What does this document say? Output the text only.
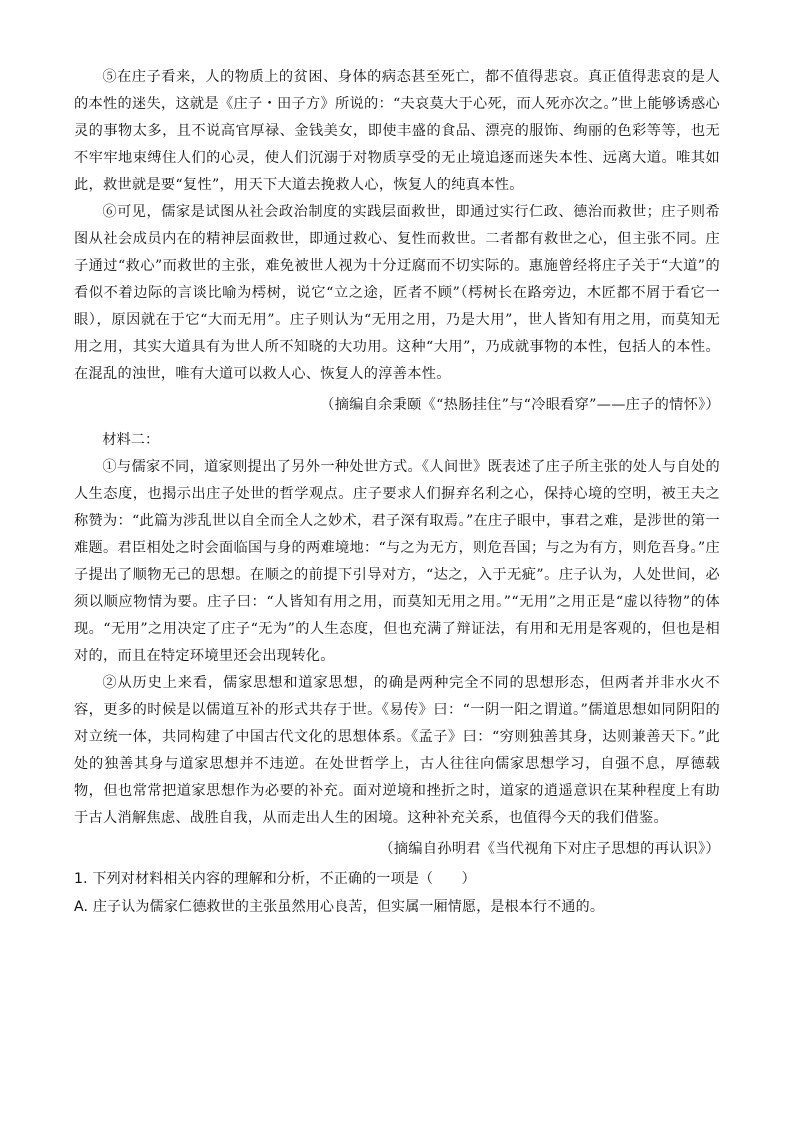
⑤在庄子看来，人的物质上的贫困、身体的病态甚至死亡，都不值得悲哀。真正值得悲哀的是人的本性的迷失，这就是《庄子・田子方》所说的：“夫哀莫大于心死，而人死亦次之。”世上能够诱惑心灵的事物太多，且不说高官厚禄、金钱美女，即使丰盛的食品、漂亮的服饰、绚丽的色彩等等，也无不牢牢地束缚住人们的心灵，使人们沉溺于对物质享受的无止境追逐而迷失本性、远离大道。唯其如此，救世就是要“复性”，用天下大道去挽救人心，恢复人的纯真本性。

⑥可见，儒家是试图从社会政治制度的实践层面救世，即通过实行仁政、德治而救世；庄子则希图从社会成员内在的精神层面救世，即通过救心、复性而救世。二者都有救世之心，但主张不同。庄子通过“救心”而救世的主张，难免被世人视为十分迂腐而不切实际的。惠施曾经将庄子关于“大道”的看似不着边际的言谈比喻为樗树，说它“立之途，匠者不顾”（樗树长在路旁边，木匠都不屑于看它一眼），原因就在于它“大而无用”。庄子则认为“无用之用，乃是大用”，世人皆知有用之用，而莫知无用之用，其实大道具有为世人所不知晓的大功用。这种“大用”，乃成就事物的本性，包括人的本性。在混乱的浊世，唯有大道可以救人心、恢复人的淳善本性。

（摘编自余秉颐《“热肠挂住”与“冷眼看穿”——庄子的情怀》）

材料二：

①与儒家不同，道家则提出了另外一种处世方式。《人间世》既表述了庄子所主张的处人与自处的人生态度，也揭示出庄子处世的哲学观点。庄子要求人们摒弃名利之心，保持心境的空明，被王夫之称赞为：“此篇为涉乱世以自全而全人之妙术，君子深有取焉。”在庄子眼中，事君之难，是涉世的第一难题。君臣相处之时会面临国与身的两难境地：“与之为无方，则危吾国；与之为有方，则危吾身。”庄子提出了顺物无己的思想。在顺之的前提下引导对方，“达之，入于无疵”。庄子认为，人处世间，必须以顺应物情为要。庄子曰：“人皆知有用之用，而莫知无用之用。”“无用”之用正是“虚以待物”的体现。“无用”之用决定了庄子“无为”的人生态度，但也充满了辩证法，有用和无用是客观的，但也是相对的，而且在特定环境里还会出现转化。

②从历史上来看，儒家思想和道家思想，的确是两种完全不同的思想形态，但两者并非水火不容，更多的时候是以儒道互补的形式共存于世。《易传》曰：“一阴一阳之谓道。”儒道思想如同阴阳的对立统一体，共同构建了中国古代文化的思想体系。《孟子》曰：“穷则独善其身，达则兼善天下。”此处的独善其身与道家思想并不违逆。在处世哲学上，古人往往向儒家思想学习，自强不息，厚德载物，但也常常把道家思想作为必要的补充。面对逆境和挫折之时，道家的逍遥意识在某种程度上有助于古人消解焦虑、战胜自我，从而走出人生的困境。这种补充关系，也值得今天的我们借鉴。

（摘编自孙明君《当代视角下对庄子思想的再认识》）

1. 下列对材料相关内容的理解和分析，不正确的一项是（　　）

A. 庄子认为儒家仁德救世的主张虽然用心良苦，但实属一厢情愿，是根本行不通的。
